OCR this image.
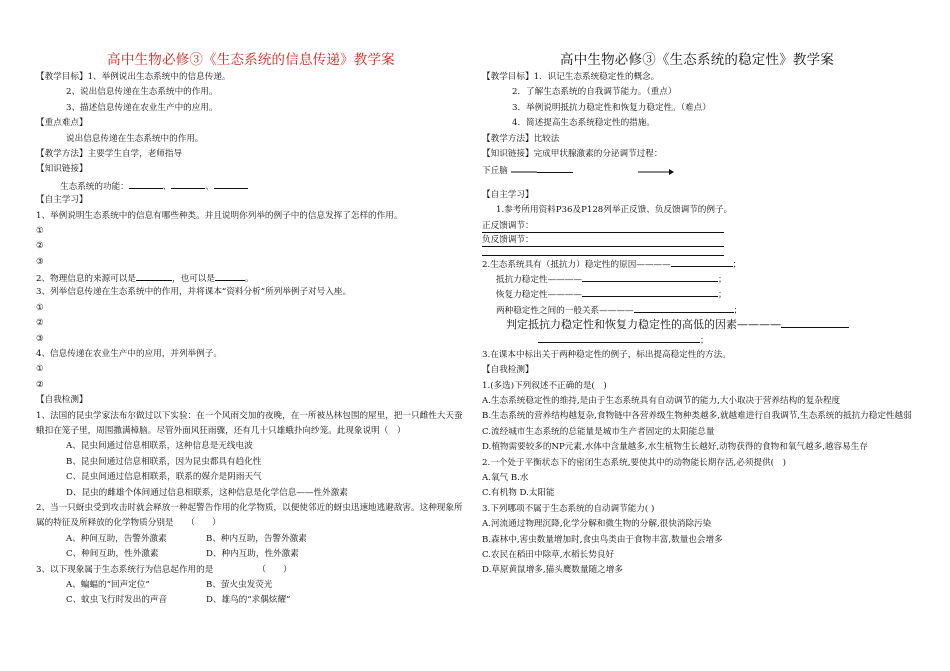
高中生物必修③《生态系统的信息传递》教学案
【教学目标】1、举例说出生态系统中的信息传递。
2、说出信息传递在生态系统中的作用。
3、描述信息传递在农业生产中的应用。
【重点难点】
说出信息传递在生态系统中的作用。
【教学方法】主要学生自学，老师指导
【知识链接】
生态系统的功能：	、	、
【自主学习】
1、举例说明生态系统中的信息有哪些种类。并且说明你列举的例子中的信息发挥了怎样的作用。
①
②
③
2、物理信息的来源可以是	，也可以是	。
3、列举信息传递在生态系统中的作用，并将课本“资料分析”所列举例子对号入座。
①
②
③
4、信息传递在农业生产中的应用，并列举例子。
①
②
【自我检测】
1、法国的昆虫学家法布尔做过以下实验：在一个风雨交加的夜晚，在一所被丛林包围的屋里，把一只雌性大天蚕蛾扣在笼子里，周围撒满樟脑。尽管外面风狂雨骤，还有几十只雄蛾扑向纱笼。此现象说明（　）
A、昆虫间通过信息相联系，这种信息是无线电波
B、昆虫间通过信息相联系，因为昆虫都具有趋化性
C、昆虫间通过信息相联系，联系的媒介是阴雨天气
D、昆虫的雌雄个体间通过信息相联系，这种信息是化学信息——性外激素
2、当一只蚜虫受到攻击时就会释放一种起警告作用的化学物质，以便使邻近的蚜虫迅速地逃避敌害。这种现象所属的特征及所释放的化学物质分别是　　（　　）
A、种间互助，告警外激素	B、种内互助，告警外激素
C、种间互助，性外激素	D、种内互助，性外激素
3、以下现象属于生态系统行为信息起作用的是	（　　）
A、蝙蝠的“回声定位”	B、萤火虫发荧光
C、蚊虫飞行时发出的声音	D、雄鸟的“求偶炫耀”
高中生物必修③《生态系统的稳定性》教学案
【教学目标】1．识记生态系统稳定性的概念。
2．了解生态系统的自我调节能力。（重点）
3．举例说明抵抗力稳定性和恢复力稳定性。（难点）
4．简述提高生态系统稳定性的措施。
【教学方法】比较法
【知识链接】完成甲状腺激素的分泌调节过程：
下丘脑
【自主学习】
1.参考所用资料P36及P128列举正反馈、负反馈调节的例子。
正反馈调节：
负反馈调节：
2.生态系统具有（抵抗力）稳定性的原因————	；
抵抗力稳定性————	；
恢复力稳定性————	；
两种稳定性之间的一般关系————	；
判定抵抗力稳定性和恢复力稳定性的高低的因素————
；
3.在课本中标出关于两种稳定性的例子，标出提高稳定性的方法。
【自我检测】
1.(多选)下列叙述不正确的是(　)
A.生态系统稳定性的维持,是由于生态系统具有自动调节的能力,大小取决于营养结构的复杂程度
B.生态系统的营养结构越复杂,食物链中各营养级生物种类越多,就越难进行自我调节,生态系统的抵抗力稳定性越弱
C.流经城市生态系统的总能量是城市生产者固定的太阳能总量
D.植物需要较多的NP元素,水体中含量越多,水生植物生长越好,动物获得的食物和氧气越多,越容易生存
2.一个处于平衡状态下的密闭生态系统,要使其中的动物能长期存活,必须提供(　)
A.氧气 B.水
C.有机物 D.太阳能
3.下列哪项不属于生态系统的自动调节能力( )
A.河流通过物理沉降,化学分解和微生物的分解,很快消除污染
B.森林中,害虫数量增加时,食虫鸟类由于食物丰富,数量也会增多
C.农民在稻田中除草,水稻长势良好
D.草原黄鼠增多,猫头鹰数量随之增多
